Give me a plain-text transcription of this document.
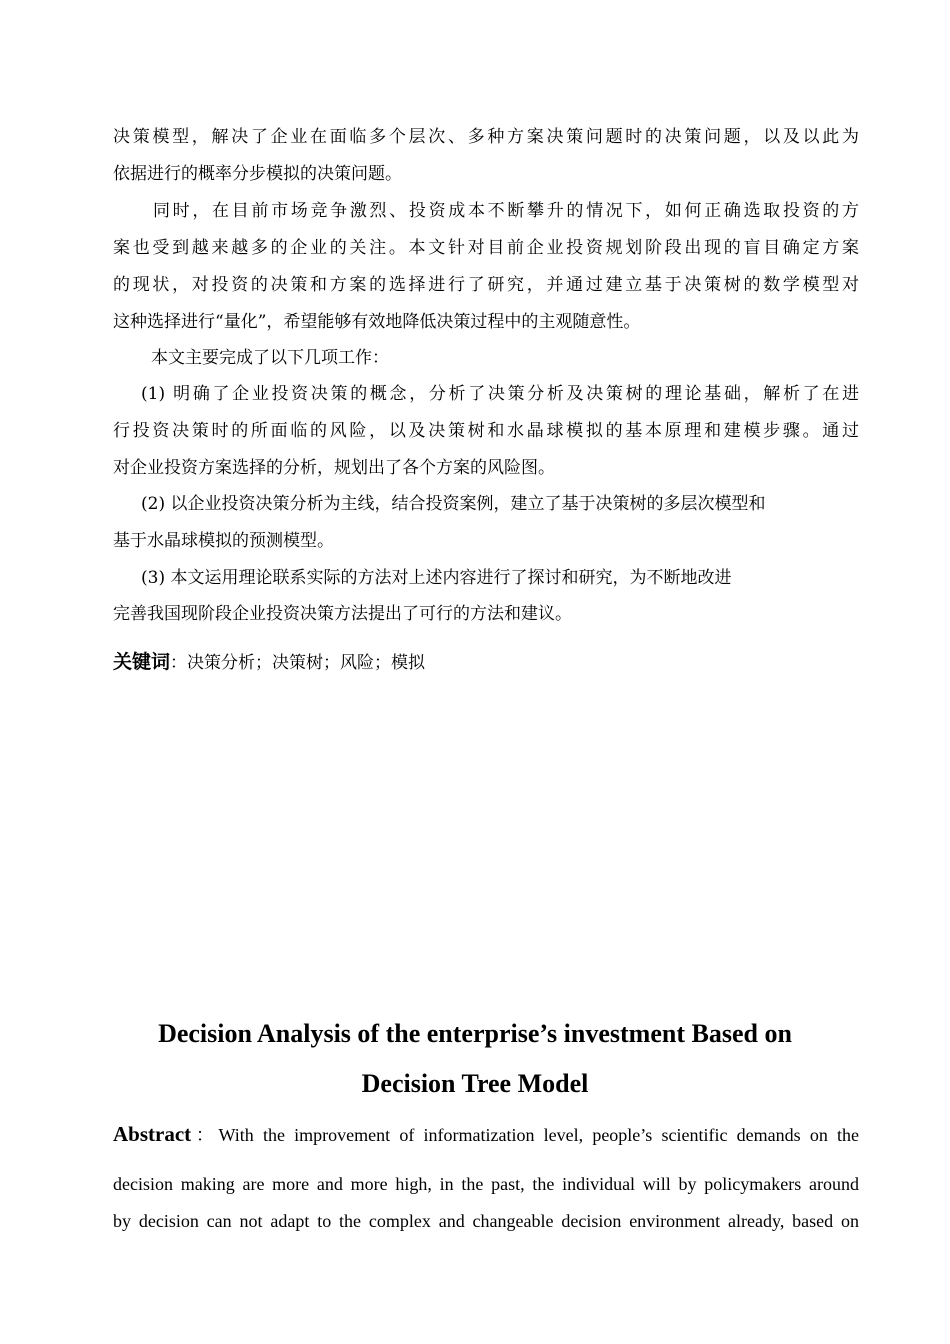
决策模型，解决了企业在面临多个层次、多种方案决策问题时的决策问题，以及以此为
依据进行的概率分步模拟的决策问题。
同时，在目前市场竞争激烈、投资成本不断攀升的情况下，如何正确选取投资的方
案也受到越来越多的企业的关注。本文针对目前企业投资规划阶段出现的盲目确定方案
的现状，对投资的决策和方案的选择进行了研究，并通过建立基于决策树的数学模型对
这种选择进行“量化”，希望能够有效地降低决策过程中的主观随意性。
本文主要完成了以下几项工作：
(1) 明确了企业投资决策的概念，分析了决策分析及决策树的理论基础，解析了在进
行投资决策时的所面临的风险，以及决策树和水晶球模拟的基本原理和建模步骤。通过
对企业投资方案选择的分析，规划出了各个方案的风险图。
(2) 以企业投资决策分析为主线，结合投资案例，建立了基于决策树的多层次模型和
基于水晶球模拟的预测模型。
(3) 本文运用理论联系实际的方法对上述内容进行了探讨和研究，为不断地改进
完善我国现阶段企业投资决策方法提出了可行的方法和建议。
关键词：决策分析；决策树；风险；模拟
Decision Analysis of the enterprise’s investment Based on
Decision Tree Model
Abstract：With the improvement of informatization level, people’s scientific demands on the
decision making are more and more high, in the past, the individual will by policymakers around
by decision can not adapt to the complex and changeable decision environment already, based on
